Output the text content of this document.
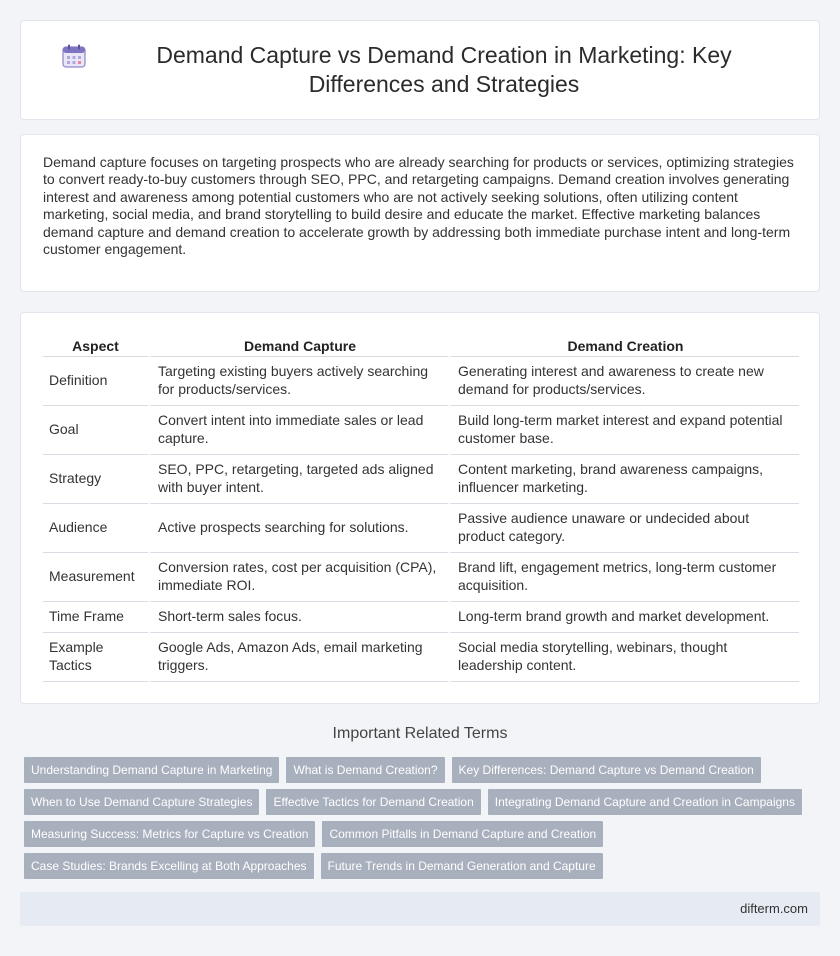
Demand Capture vs Demand Creation in Marketing: Key Differences and Strategies

Demand capture focuses on targeting prospects who are already searching for products or services, optimizing strategies to convert ready-to-buy customers through SEO, PPC, and retargeting campaigns. Demand creation involves generating interest and awareness among potential customers who are not actively seeking solutions, often utilizing content marketing, social media, and brand storytelling to build desire and educate the market. Effective marketing balances demand capture and demand creation to accelerate growth by addressing both immediate purchase intent and long-term customer engagement.

Aspect	Demand Capture	Demand Creation
Definition	Targeting existing buyers actively searching for products/services.	Generating interest and awareness to create new demand for products/services.
Goal	Convert intent into immediate sales or lead capture.	Build long-term market interest and expand potential customer base.
Strategy	SEO, PPC, retargeting, targeted ads aligned with buyer intent.	Content marketing, brand awareness campaigns, influencer marketing.
Audience	Active prospects searching for solutions.	Passive audience unaware or undecided about product category.
Measurement	Conversion rates, cost per acquisition (CPA), immediate ROI.	Brand lift, engagement metrics, long-term customer acquisition.
Time Frame	Short-term sales focus.	Long-term brand growth and market development.
Example Tactics	Google Ads, Amazon Ads, email marketing triggers.	Social media storytelling, webinars, thought leadership content.
Important Related Terms
Understanding Demand Capture in Marketing	What is Demand Creation?	Key Differences: Demand Capture vs Demand Creation
When to Use Demand Capture Strategies	Effective Tactics for Demand Creation	Integrating Demand Capture and Creation in Campaigns
Measuring Success: Metrics for Capture vs Creation	Common Pitfalls in Demand Capture and Creation
Case Studies: Brands Excelling at Both Approaches	Future Trends in Demand Generation and Capture
difterm.com
